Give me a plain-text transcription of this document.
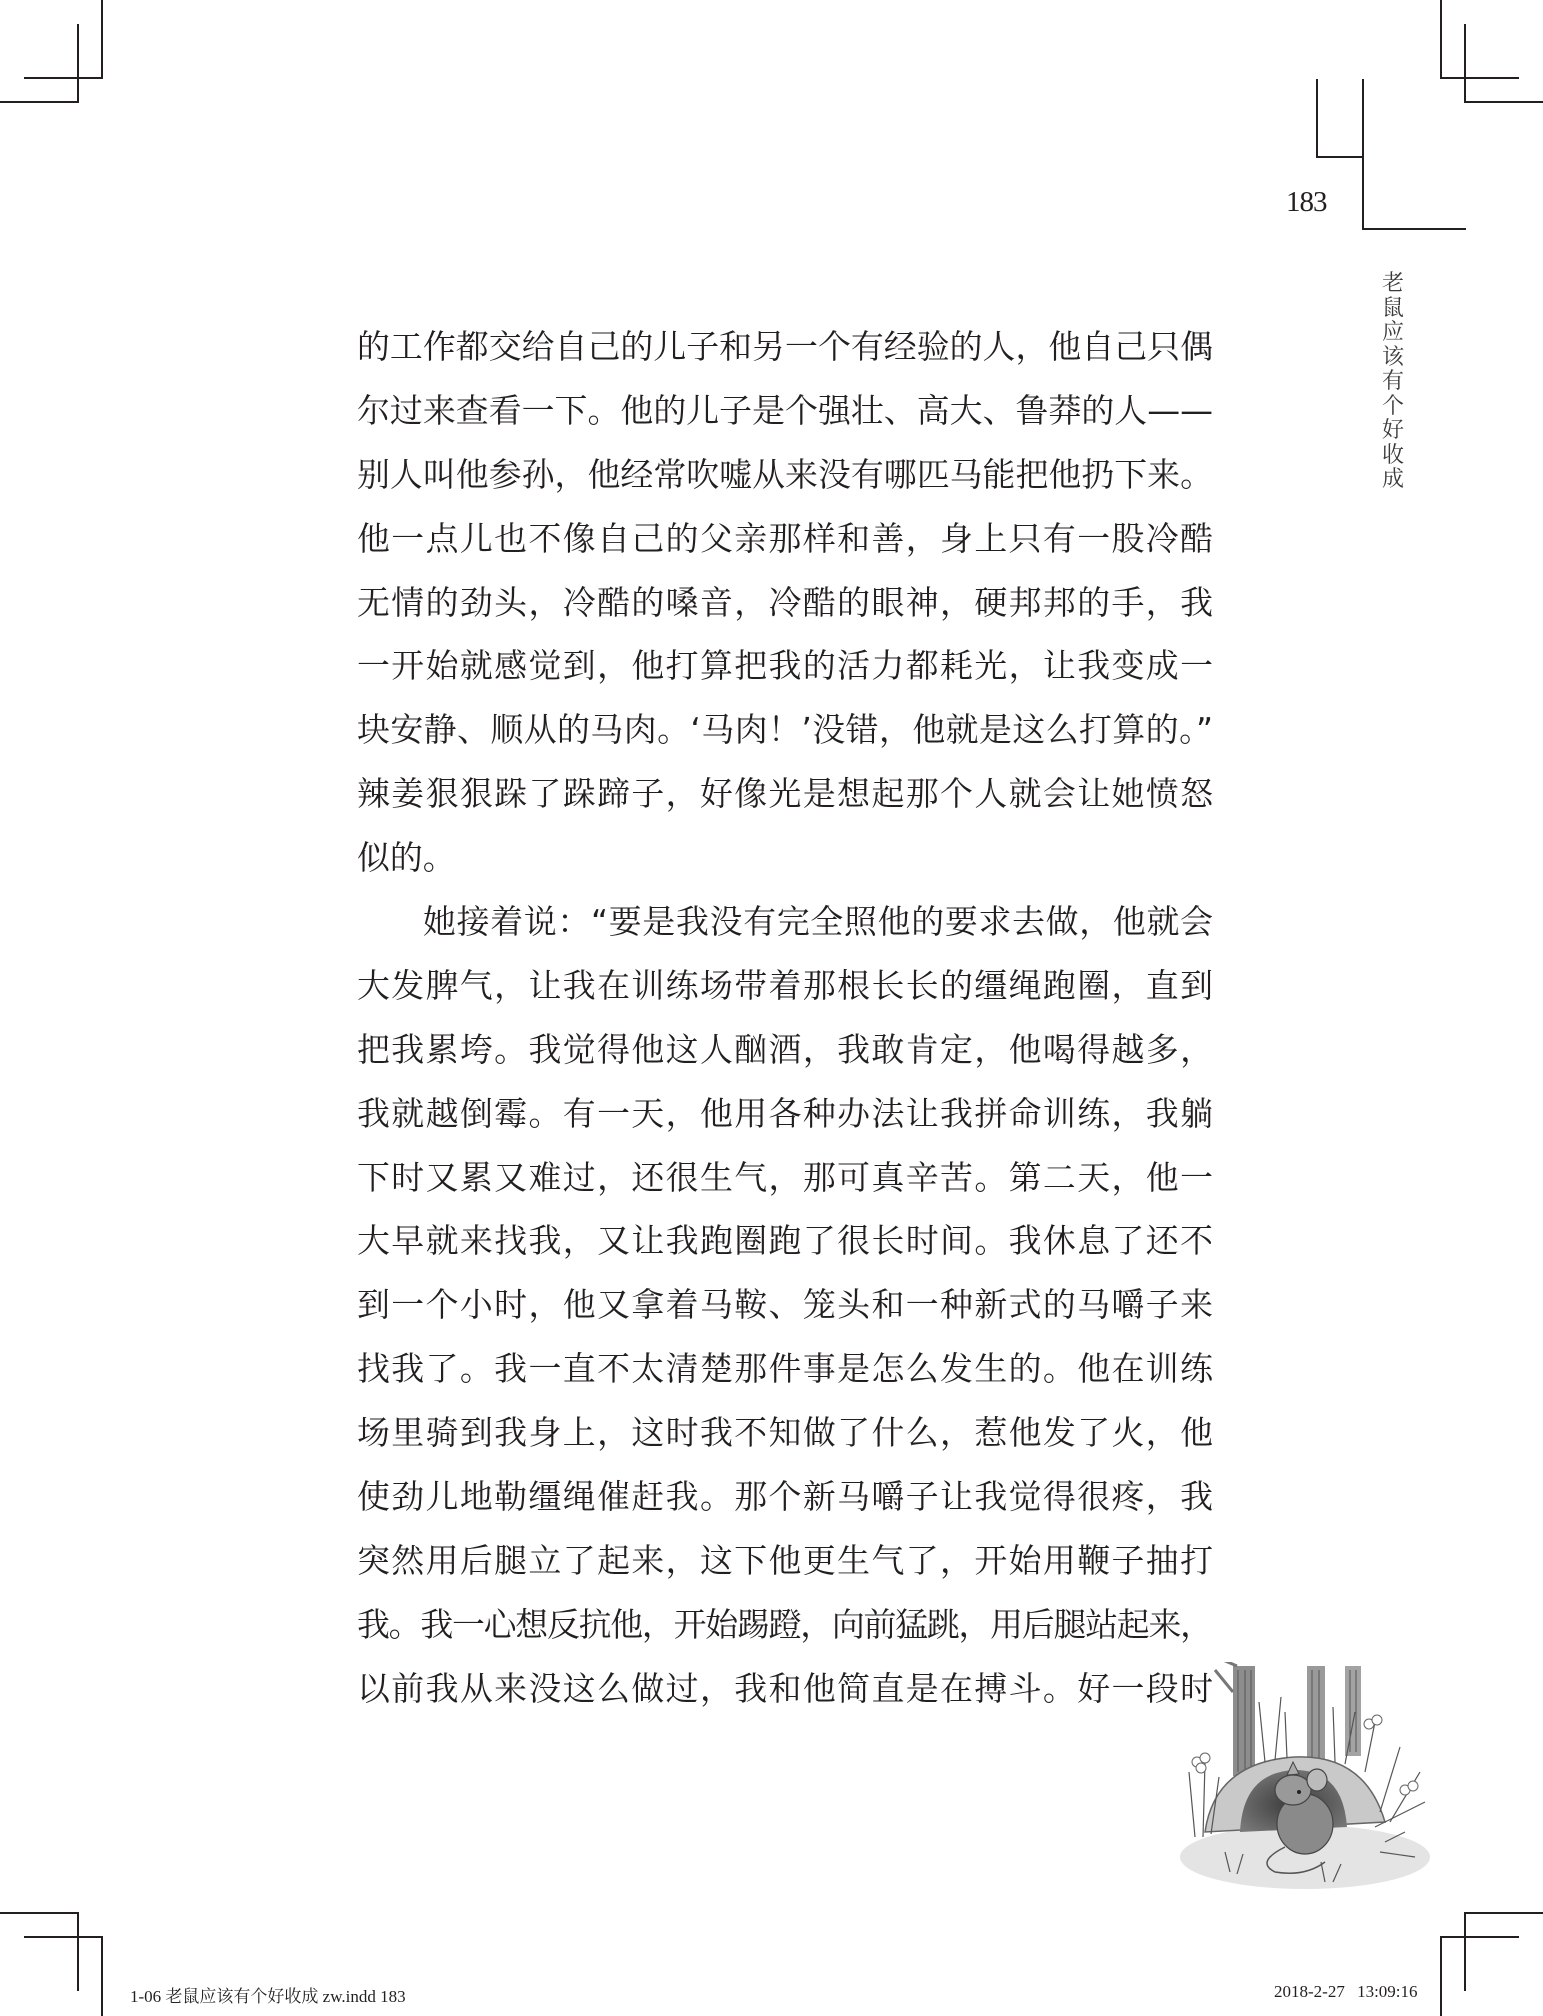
183
老鼠应该有个好收成
的工作都交给自己的儿子和另一个有经验的人，他自己只偶
尔过来查看一下。他的儿子是个强壮、高大、鲁莽的人——
别人叫他参孙，他经常吹嘘从来没有哪匹马能把他扔下来。
他一点儿也不像自己的父亲那样和善，身上只有一股冷酷
无情的劲头，冷酷的嗓音，冷酷的眼神，硬邦邦的手，我
一开始就感觉到，他打算把我的活力都耗光，让我变成一
块安静、顺从的马肉。‘马肉！’没错，他就是这么打算的。”
辣姜狠狠跺了跺蹄子，好像光是想起那个人就会让她愤怒
似的。
她接着说：“要是我没有完全照他的要求去做，他就会
大发脾气，让我在训练场带着那根长长的缰绳跑圈，直到
把我累垮。我觉得他这人酗酒，我敢肯定，他喝得越多，
我就越倒霉。有一天，他用各种办法让我拼命训练，我躺
下时又累又难过，还很生气，那可真辛苦。第二天，他一
大早就来找我，又让我跑圈跑了很长时间。我休息了还不
到一个小时，他又拿着马鞍、笼头和一种新式的马嚼子来
找我了。我一直不太清楚那件事是怎么发生的。他在训练
场里骑到我身上，这时我不知做了什么，惹他发了火，他
使劲儿地勒缰绳催赶我。那个新马嚼子让我觉得很疼，我
突然用后腿立了起来，这下他更生气了，开始用鞭子抽打
我。我一心想反抗他，开始踢蹬，向前猛跳，用后腿站起来，
以前我从来没这么做过，我和他简直是在搏斗。好一段时
1-06 老鼠应该有个好收成 zw.indd 183	2018-2-27 13:09:16
